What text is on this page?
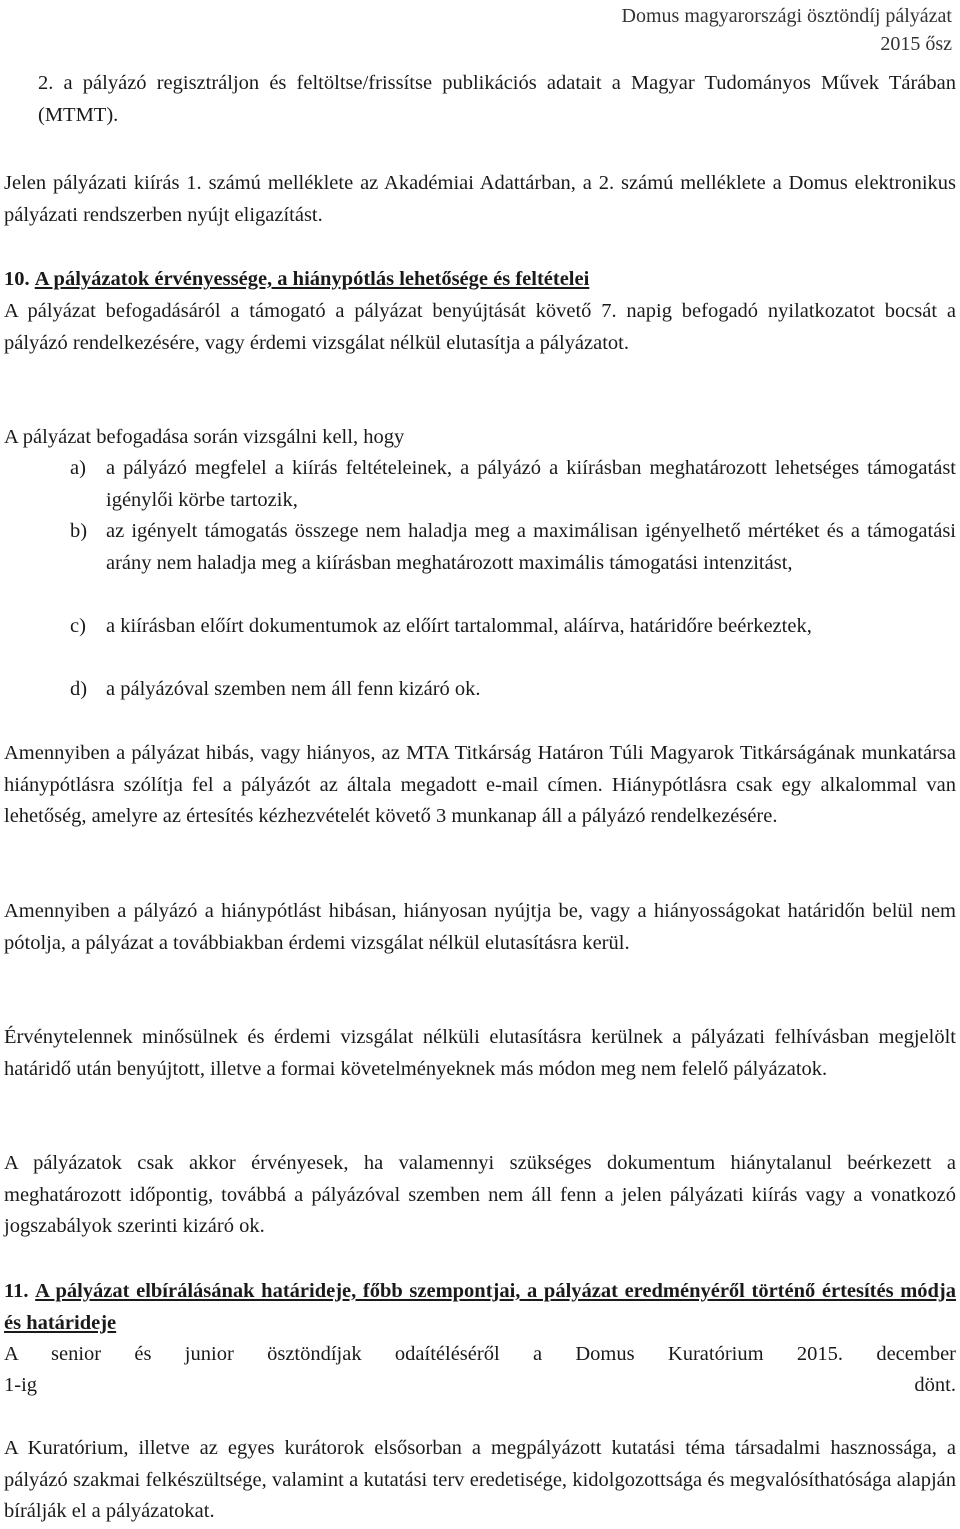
Domus magyarországi ösztöndíj pályázat
2015 ősz
2. a pályázó regisztráljon és feltöltse/frissítse publikációs adatait a Magyar Tudományos Művek Tárában (MTMT).
Jelen pályázati kiírás 1. számú melléklete az Akadémiai Adattárban, a 2. számú melléklete a Domus elektronikus pályázati rendszerben nyújt eligazítást.
10. A pályázatok érvényessége, a hiánypótlás lehetősége és feltételei
A pályázat befogadásáról a támogató a pályázat benyújtását követő 7. napig befogadó nyilatkozatot bocsát a pályázó rendelkezésére, vagy érdemi vizsgálat nélkül elutasítja a pályázatot.
A pályázat befogadása során vizsgálni kell, hogy
a) a pályázó megfelel a kiírás feltételeinek, a pályázó a kiírásban meghatározott lehetséges támogatást igénylői körbe tartozik,
b) az igényelt támogatás összege nem haladja meg a maximálisan igényelhető mértéket és a támogatási arány nem haladja meg a kiírásban meghatározott maximális támogatási intenzitást,
c) a kiírásban előírt dokumentumok az előírt tartalommal, aláírva, határidőre beérkeztek,
d) a pályázóval szemben nem áll fenn kizáró ok.
Amennyiben a pályázat hibás, vagy hiányos, az MTA Titkárság Határon Túli Magyarok Titkárságának munkatársa hiánypótlásra szólítja fel a pályázót az általa megadott e-mail címen. Hiánypótlásra csak egy alkalommal van lehetőség, amelyre az értesítés kézhezvételét követő 3 munkanap áll a pályázó rendelkezésére.
Amennyiben a pályázó a hiánypótlást hibásan, hiányosan nyújtja be, vagy a hiányosságokat határidőn belül nem pótolja, a pályázat a továbbiakban érdemi vizsgálat nélkül elutasításra kerül.
Érvénytelennek minősülnek és érdemi vizsgálat nélküli elutasításra kerülnek a pályázati felhívásban megjelölt határidő után benyújtott, illetve a formai követelményeknek más módon meg nem felelő pályázatok.
A pályázatok csak akkor érvényesek, ha valamennyi szükséges dokumentum hiánytalanul beérkezett a meghatározott időpontig, továbbá a pályázóval szemben nem áll fenn a jelen pályázati kiírás vagy a vonatkozó jogszabályok szerinti kizáró ok.
11. A pályázat elbírálásának határideje, főbb szempontjai, a pályázat eredményéről történő értesítés módja és határideje
A senior és junior ösztöndíjak odaítéléséről a Domus Kuratórium 2015. december
1-ig	dönt.
A Kuratórium, illetve az egyes kurátorok elsősorban a megpályázott kutatási téma társadalmi hasznossága, a pályázó szakmai felkészültsége, valamint a kutatási terv eredetisége, kidolgozottsága és megvalósíthatósága alapján bírálják el a pályázatokat.
